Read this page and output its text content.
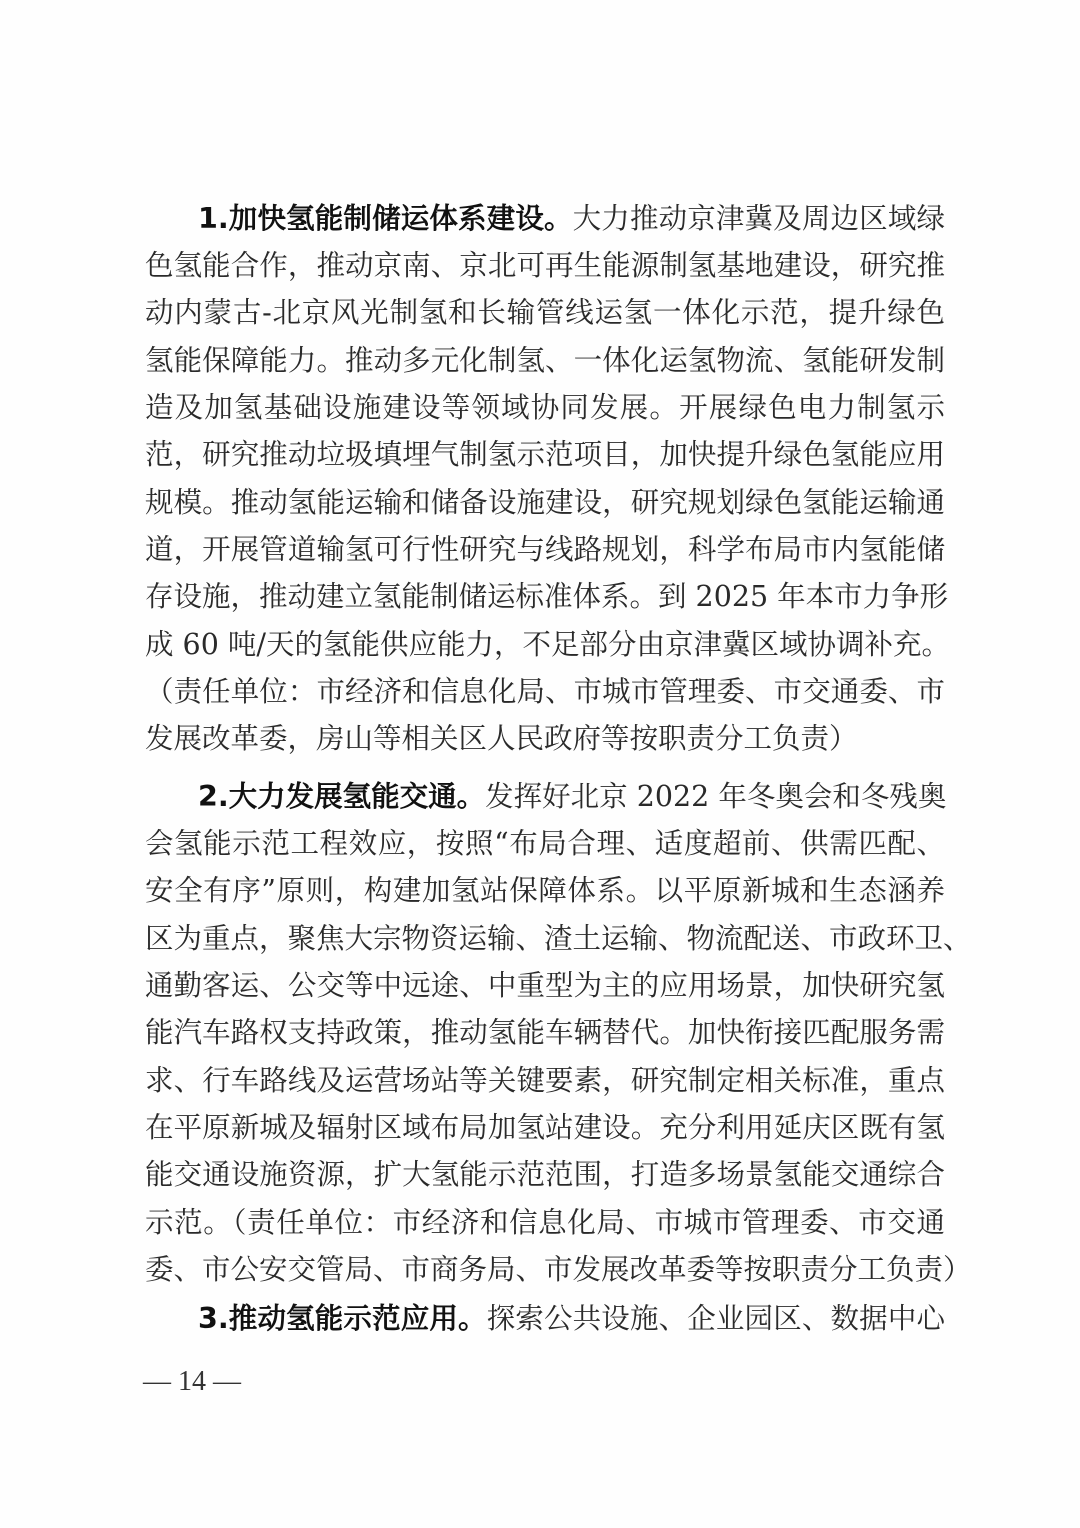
1.加快氢能制储运体系建设。大力推动京津冀及周边区域绿
色氢能合作，推动京南、京北可再生能源制氢基地建设，研究推
动内蒙古-北京风光制氢和长输管线运氢一体化示范，提升绿色
氢能保障能力。推动多元化制氢、一体化运氢物流、氢能研发制
造及加氢基础设施建设等领域协同发展。开展绿色电力制氢示
范，研究推动垃圾填埋气制氢示范项目，加快提升绿色氢能应用
规模。推动氢能运输和储备设施建设，研究规划绿色氢能运输通
道，开展管道输氢可行性研究与线路规划，科学布局市内氢能储
存设施，推动建立氢能制储运标准体系。到 2025 年本市力争形
成 60 吨/天的氢能供应能力，不足部分由京津冀区域协调补充。
（责任单位：市经济和信息化局、市城市管理委、市交通委、市
发展改革委，房山等相关区人民政府等按职责分工负责）
2.大力发展氢能交通。发挥好北京 2022 年冬奥会和冬残奥
会氢能示范工程效应，按照“布局合理、适度超前、供需匹配、
安全有序”原则，构建加氢站保障体系。以平原新城和生态涵养
区为重点，聚焦大宗物资运输、渣土运输、物流配送、市政环卫、
通勤客运、公交等中远途、中重型为主的应用场景，加快研究氢
能汽车路权支持政策，推动氢能车辆替代。加快衔接匹配服务需
求、行车路线及运营场站等关键要素，研究制定相关标准，重点
在平原新城及辐射区域布局加氢站建设。充分利用延庆区既有氢
能交通设施资源，扩大氢能示范范围，打造多场景氢能交通综合
示范。（责任单位：市经济和信息化局、市城市管理委、市交通
委、市公安交管局、市商务局、市发展改革委等按职责分工负责）
3.推动氢能示范应用。探索公共设施、企业园区、数据中心
— 14 —
